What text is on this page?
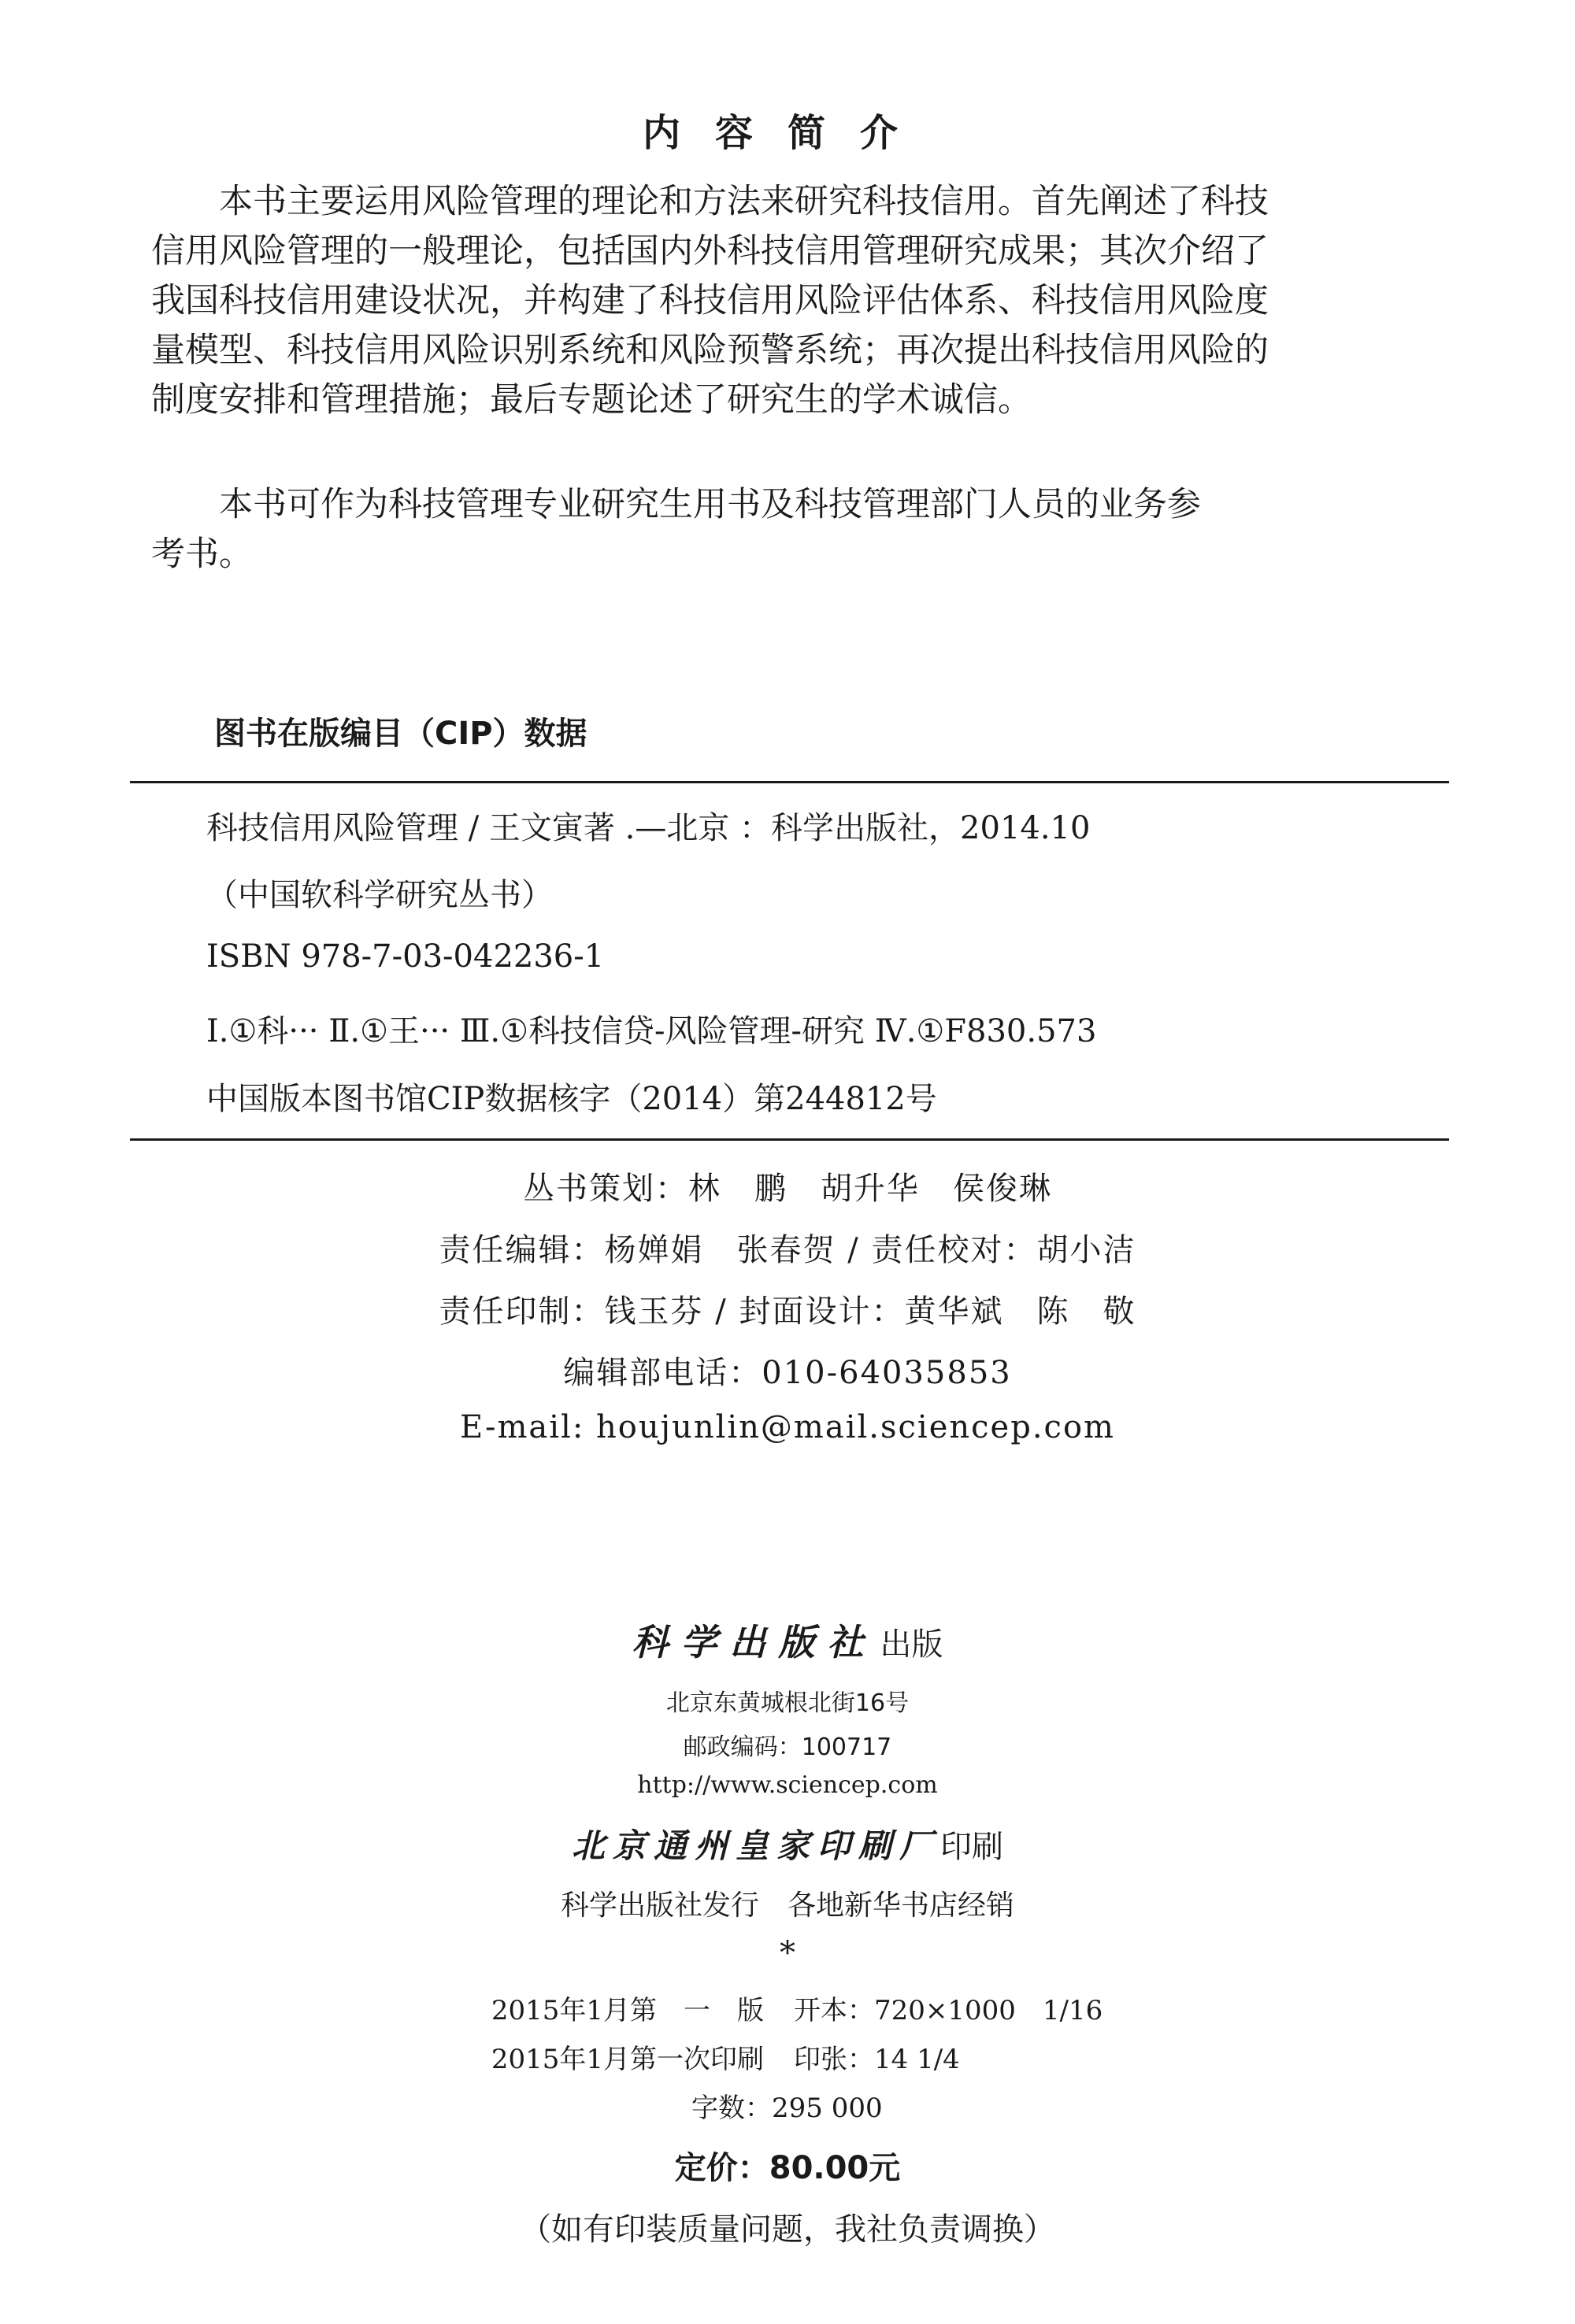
内容简介
本书主要运用风险管理的理论和方法来研究科技信用。首先阐述了科技
信用风险管理的一般理论，包括国内外科技信用管理研究成果；其次介绍了
我国科技信用建设状况，并构建了科技信用风险评估体系、科技信用风险度
量模型、科技信用风险识别系统和风险预警系统；再次提出科技信用风险的
制度安排和管理措施；最后专题论述了研究生的学术诚信。
本书可作为科技管理专业研究生用书及科技管理部门人员的业务参
考书。
图书在版编目（CIP）数据
科技信用风险管理 / 王文寅著 .—北京 ：科学出版社，2014.10
（中国软科学研究丛书）
ISBN 978-7-03-042236-1
Ⅰ.①科··· Ⅱ.①王··· Ⅲ.①科技信贷-风险管理-研究 Ⅳ.①F830.573
中国版本图书馆CIP数据核字（2014）第244812号
丛书策划：林　鹏　胡升华　侯俊琳
责任编辑：杨婵娟　张春贺 / 责任校对：胡小洁
责任印制：钱玉芬 / 封面设计：黄华斌　陈　敬
编辑部电话：010-64035853
E-mail: houjunlin@mail.sciencep.com
科学出版社 出版
北京东黄城根北街16号
邮政编码：100717
http://www.sciencep.com
北京通州皇家印刷厂印刷
科学出版社发行　各地新华书店经销
*
2015年1月第　一　版 开本：720×1000　1/16
2015年1月第一次印刷 印张：14 1/4
字数：295 000
定价：80.00元
（如有印装质量问题，我社负责调换）
